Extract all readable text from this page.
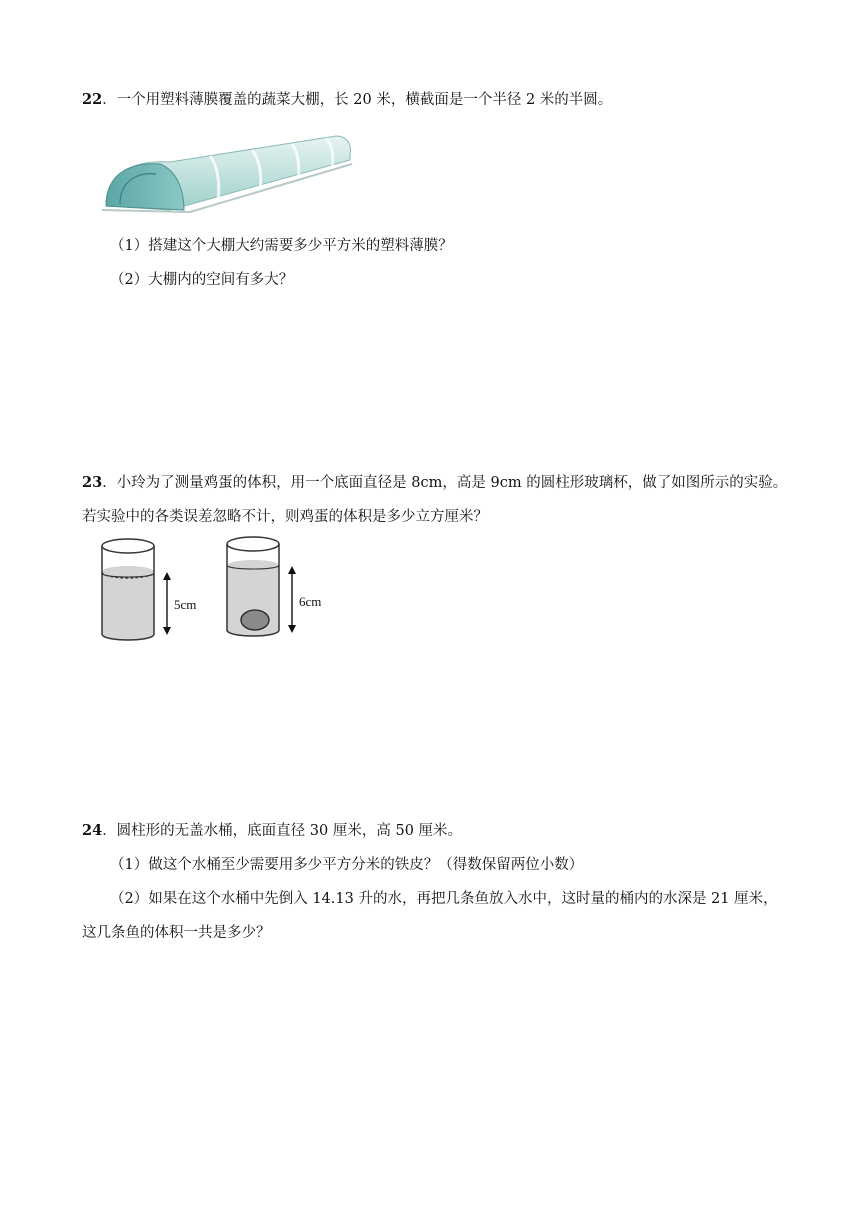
22．一个用塑料薄膜覆盖的蔬菜大棚，长 20 米，横截面是一个半径 2 米的半圆。
（1）搭建这个大棚大约需要多少平方米的塑料薄膜？
（2）大棚内的空间有多大？
23．小玲为了测量鸡蛋的体积，用一个底面直径是 8cm，高是 9cm 的圆柱形玻璃杯，做了如图所示的实验。
若实验中的各类误差忽略不计，则鸡蛋的体积是多少立方厘米？
5cm	6cm
24．圆柱形的无盖水桶，底面直径 30 厘米，高 50 厘米。
（1）做这个水桶至少需要用多少平方分米的铁皮？（得数保留两位小数）
（2）如果在这个水桶中先倒入 14.13 升的水，再把几条鱼放入水中，这时量的桶内的水深是 21 厘米，
这几条鱼的体积一共是多少？
